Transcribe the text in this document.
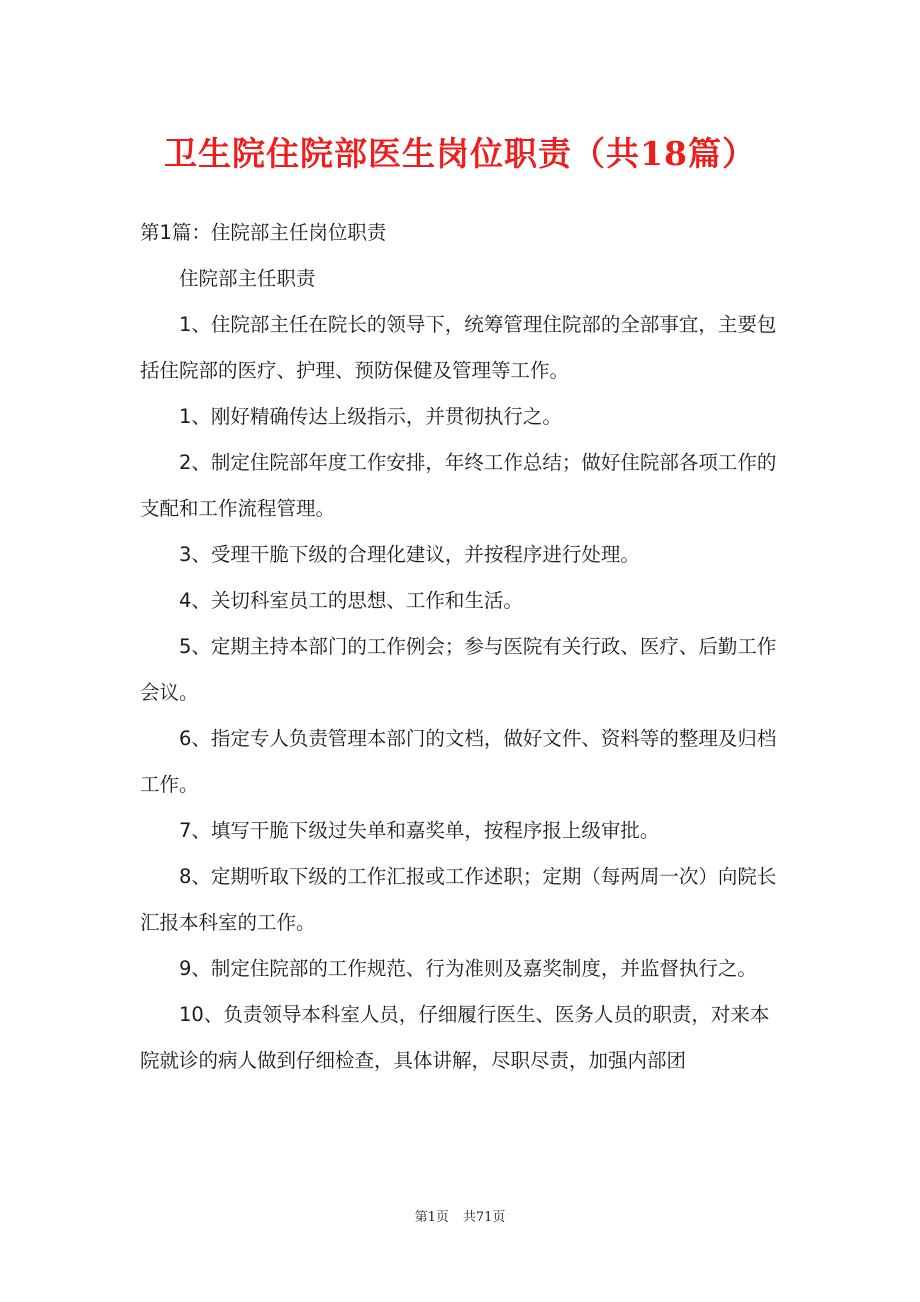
卫生院住院部医生岗位职责（共18篇）

第1篇：住院部主任岗位职责

住院部主任职责

1、住院部主任在院长的领导下，统筹管理住院部的全部事宜，主要包括住院部的医疗、护理、预防保健及管理等工作。

1、刚好精确传达上级指示，并贯彻执行之。

2、制定住院部年度工作安排，年终工作总结；做好住院部各项工作的支配和工作流程管理。

3、受理干脆下级的合理化建议，并按程序进行处理。

4、关切科室员工的思想、工作和生活。

5、定期主持本部门的工作例会；参与医院有关行政、医疗、后勤工作会议。

6、指定专人负责管理本部门的文档，做好文件、资料等的整理及归档工作。

7、填写干脆下级过失单和嘉奖单，按程序报上级审批。

8、定期听取下级的工作汇报或工作述职；定期（每两周一次）向院长汇报本科室的工作。

9、制定住院部的工作规范、行为准则及嘉奖制度，并监督执行之。

10、负责领导本科室人员，仔细履行医生、医务人员的职责，对来本院就诊的病人做到仔细检查，具体讲解，尽职尽责，加强内部团

第1页 共71页
